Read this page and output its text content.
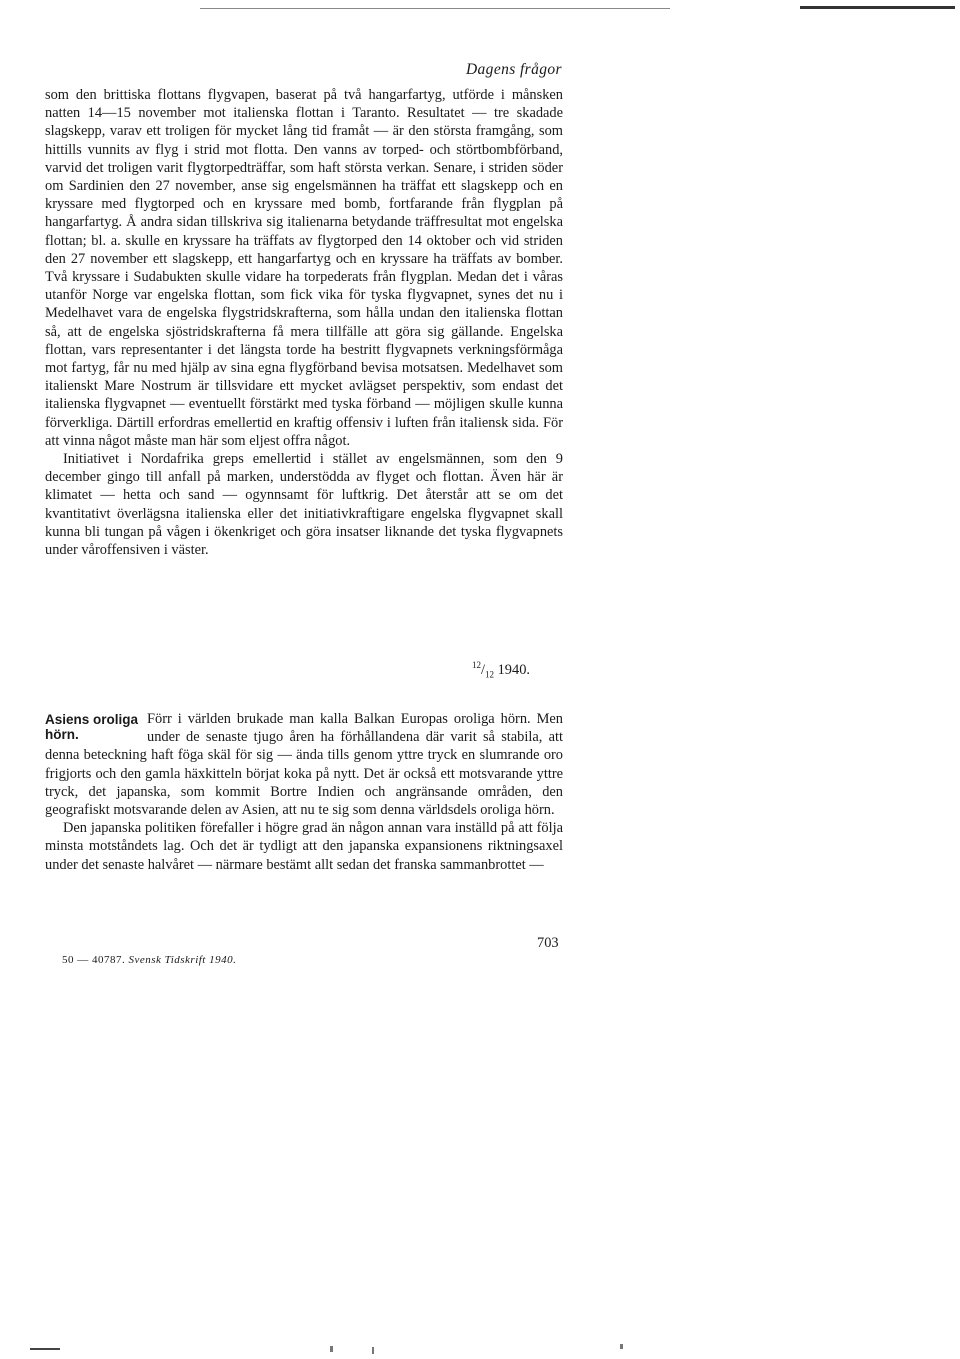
Dagens frågor

som den brittiska flottans flygvapen, baserat på två hangarfartyg, utförde i månsken natten 14—15 november mot italienska flottan i Taranto. Resultatet — tre skadade slagskepp, varav ett troligen för mycket lång tid framåt — är den största framgång, som hittills vunnits av flyg i strid mot flotta. Den vanns av torped- och störtbombförband, varvid det troligen varit flygtorpedträffar, som haft största verkan. Senare, i striden söder om Sardinien den 27 november, anse sig engelsmännen ha träffat ett slagskepp och en kryssare med flygtorped och en kryssare med bomb, fortfarande från flygplan på hangarfartyg. Å andra sidan tillskriva sig italienarna betydande träffresultat mot engelska flottan; bl. a. skulle en kryssare ha träffats av flygtorped den 14 oktober och vid striden den 27 november ett slagskepp, ett hangarfartyg och en kryssare ha träffats av bomber. Två kryssare i Sudabukten skulle vidare ha torpederats från flygplan. Medan det i våras utanför Norge var engelska flottan, som fick vika för tyska flygvapnet, synes det nu i Medelhavet vara de engelska flygstridskrafterna, som hålla undan den italienska flottan så, att de engelska sjöstridskrafterna få mera tillfälle att göra sig gällande. Engelska flottan, vars representanter i det längsta torde ha bestritt flygvapnets verkningsförmåga mot fartyg, får nu med hjälp av sina egna flygförband bevisa motsatsen. Medelhavet som italienskt Mare Nostrum är tillsvidare ett mycket avlägset perspektiv, som endast det italienska flygvapnet — eventuellt förstärkt med tyska förband — möjligen skulle kunna förverkliga. Därtill erfordras emellertid en kraftig offensiv i luften från italiensk sida. För att vinna något måste man här som eljest offra något.

Initiativet i Nordafrika greps emellertid i stället av engelsmännen, som den 9 december gingo till anfall på marken, understödda av flyget och flottan. Även här är klimatet — hetta och sand — ogynnsamt för luftkrig. Det återstår att se om det kvantitativt överlägsna italienska eller det initiativkraftigare engelska flygvapnet skall kunna bli tungan på vågen i ökenkriget och göra insatser liknande det tyska flygvapnets under våroffensiven i väster.

$^{12}/_{12}$ 1940.
Asiens oroliga hörn.

Förr i världen brukade man kalla Balkan Europas oroliga hörn. Men under de senaste tjugo åren ha förhållandena där varit så stabila, att denna beteckning haft föga skäl för sig — ända tills genom yttre tryck en slumrande oro frigjorts och den gamla häxkitteln börjat koka på nytt. Det är också ett motsvarande yttre tryck, det japanska, som kommit Bortre Indien och angränsande områden, den geografiskt motsvarande delen av Asien, att nu te sig som denna världsdels oroliga hörn.

Den japanska politiken förefaller i högre grad än någon annan vara inställd på att följa minsta motståndets lag. Och det är tydligt att den japanska expansionens riktningsaxel under det senaste halvåret — närmare bestämt allt sedan det franska sammanbrottet —

703
50 — 40787. Svensk Tidskrift 1940.
